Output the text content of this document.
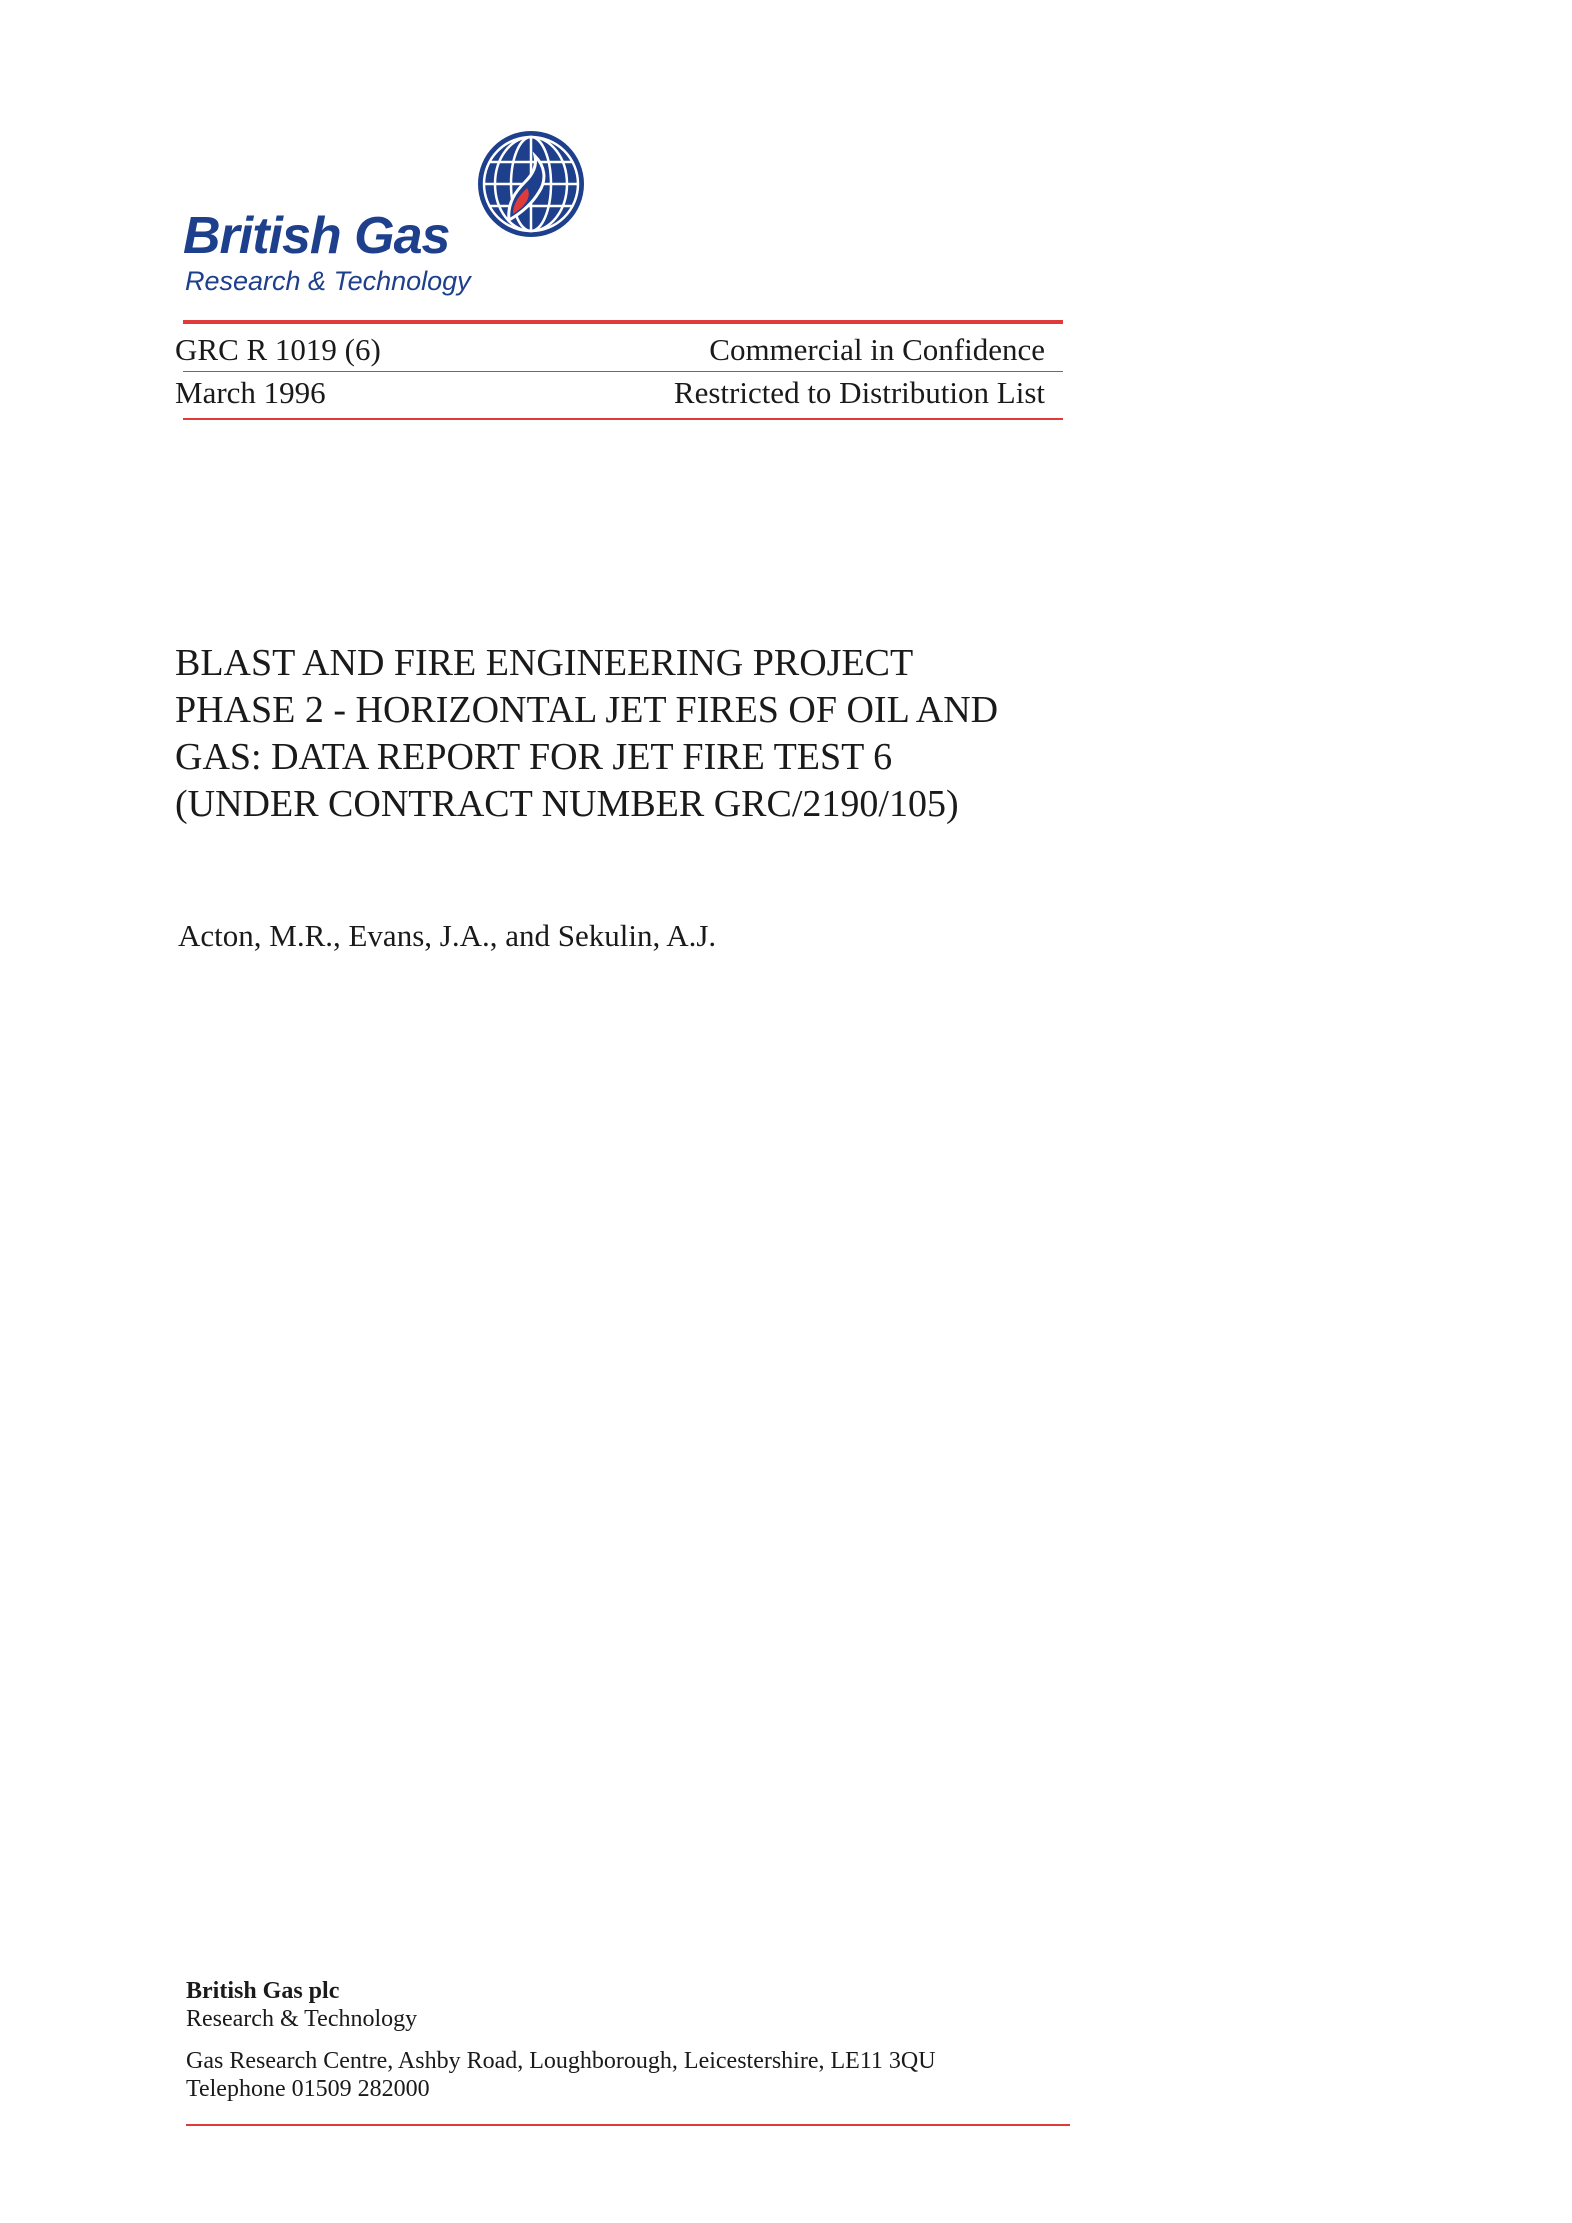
British Gas
Research & Technology
GRC R 1019 (6)	Commercial in Confidence
March 1996	Restricted to Distribution List
BLAST AND FIRE ENGINEERING PROJECT
PHASE 2 - HORIZONTAL JET FIRES OF OIL AND
GAS: DATA REPORT FOR JET FIRE TEST 6
(UNDER CONTRACT NUMBER GRC/2190/105)
Acton, M.R., Evans, J.A., and Sekulin, A.J.
British Gas plc
Research & Technology
Gas Research Centre, Ashby Road, Loughborough, Leicestershire, LE11 3QU
Telephone 01509 282000
